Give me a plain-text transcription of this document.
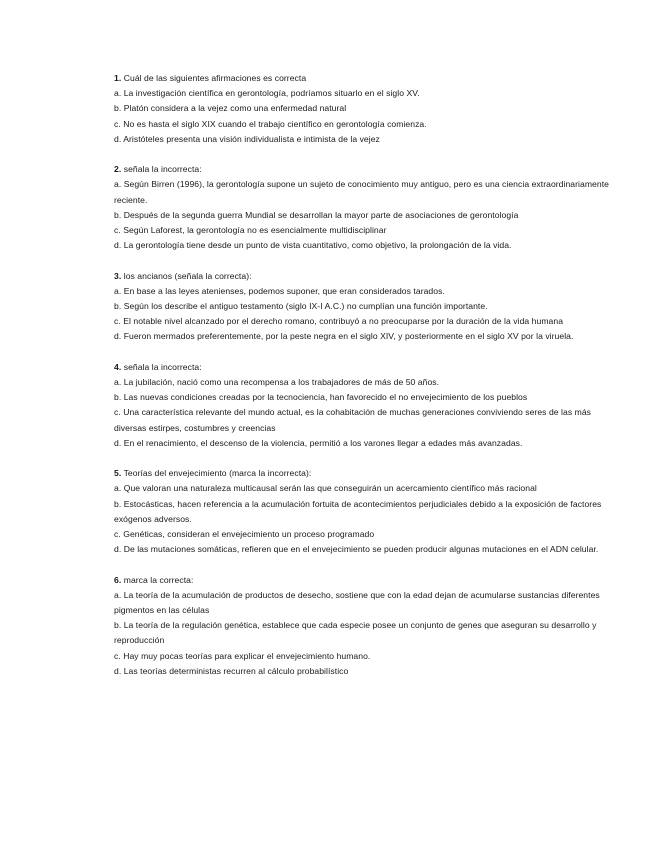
1. Cuál de las siguientes afirmaciones es correcta
a. La investigación científica en gerontología, podríamos situarlo en el siglo XV.
b. Platón considera a la vejez como una enfermedad natural
c. No es hasta el siglo XIX cuando el trabajo científico en gerontología comienza.
d. Aristóteles presenta una visión individualista e intimista de la vejez
2. señala la incorrecta:
a. Según Birren (1996), la gerontología supone un sujeto de conocimiento muy antiguo, pero es una ciencia extraordinariamente reciente.
b. Después de la segunda guerra Mundial se desarrollan la mayor parte de asociaciones de gerontología
c. Según Laforest, la gerontología no es esencialmente multidisciplinar
d. La gerontología tiene desde un punto de vista cuantitativo, como objetivo, la prolongación de la vida.
3. los ancianos (señala la correcta):
a. En base a las leyes atenienses, podemos suponer, que eran considerados tarados.
b. Según los describe el antiguo testamento (siglo IX-I A.C.) no cumplían una función importante.
c. El notable nivel alcanzado por el derecho romano, contribuyó a no preocuparse por la duración de la vida humana
d. Fueron mermados preferentemente, por la peste negra en el siglo XIV, y posteriormente en el siglo XV por la viruela.
4. señala la incorrecta:
a. La jubilación, nació como una recompensa a los trabajadores de más de 50 años.
b. Las nuevas condiciones creadas por la tecnociencia, han favorecido el no envejecimiento de los pueblos
c. Una característica relevante del mundo actual, es la cohabitación de muchas generaciones conviviendo seres de las más diversas estirpes, costumbres y creencias
d. En el renacimiento, el descenso de la violencia, permitió a los varones llegar a edades más avanzadas.
5. Teorías del envejecimiento (marca la incorrecta):
a. Que valoran una naturaleza multicausal serán las que conseguirán un acercamiento científico más racional
b. Estocásticas, hacen referencia a la acumulación fortuita de acontecimientos perjudiciales debido a la exposición de factores exógenos adversos.
c. Genéticas, consideran el envejecimiento un proceso programado
d. De las mutaciones somáticas, refieren que en el envejecimiento se pueden producir algunas mutaciones en el ADN celular.
6. marca la correcta:
a. La teoría de la acumulación de productos de desecho, sostiene que con la edad dejan de acumularse sustancias diferentes pigmentos en las células
b. La teoría de la regulación genética, establece que cada especie posee un conjunto de genes que aseguran su desarrollo y reproducción
c. Hay muy pocas teorías para explicar el envejecimiento humano.
d. Las teorías deterministas recurren al cálculo probabilístico
